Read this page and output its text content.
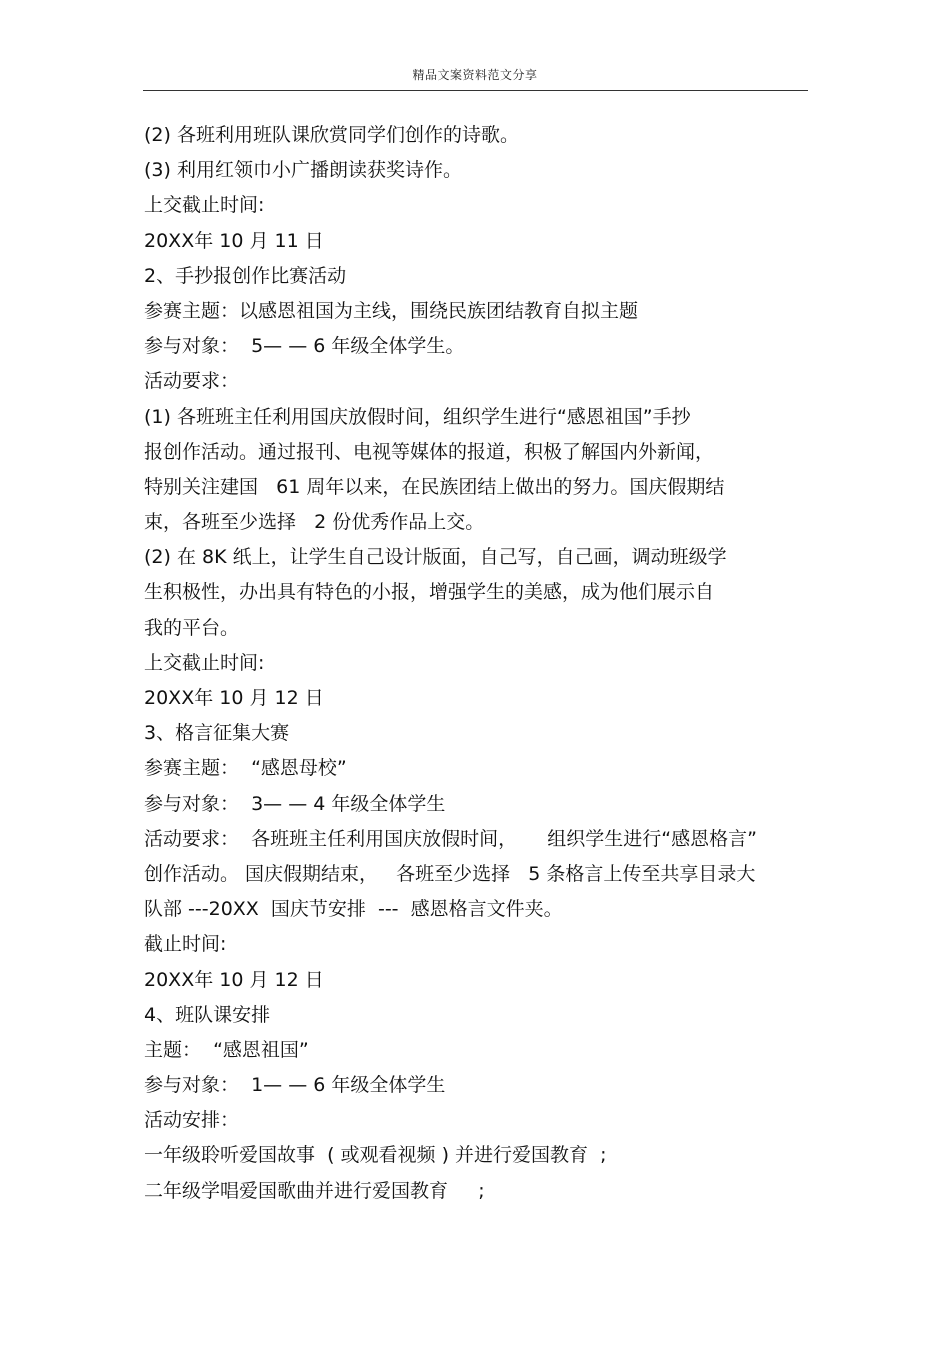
精品文案资料范文分享
(2) 各班利用班队课欣赏同学们创作的诗歌。
(3) 利用红领巾小广播朗读获奖诗作。
上交截止时间:
20XX年 10 月 11 日
2、手抄报创作比赛活动
参赛主题：以感恩祖国为主线，围绕民族团结教育自拟主题
参与对象：  5— — 6 年级全体学生。
活动要求：
(1) 各班班主任利用国庆放假时间，组织学生进行“感恩祖国”手抄
报创作活动。通过报刊、电视等媒体的报道，积极了解国内外新闻，
特别关注建国   61 周年以来，在民族团结上做出的努力。国庆假期结
束，各班至少选择   2 份优秀作品上交。
(2) 在 8K 纸上，让学生自己设计版面，自己写，自己画，调动班级学
生积极性，办出具有特色的小报，增强学生的美感，成为他们展示自
我的平台。
上交截止时间:
20XX年 10 月 12 日
3、格言征集大赛
参赛主题：  “感恩母校”
参与对象：  3— — 4 年级全体学生
活动要求：  各班班主任利用国庆放假时间，     组织学生进行“感恩格言”
创作活动。 国庆假期结束，   各班至少选择   5 条格言上传至共享目录大
队部 ---20XX  国庆节安排  ---  感恩格言文件夹。
截止时间:
20XX年 10 月 12 日
4、班队课安排
主题：  “感恩祖国”
参与对象：  1— — 6 年级全体学生
活动安排：
一年级聆听爱国故事  ( 或观看视频 ) 并进行爱国教育  ;
二年级学唱爱国歌曲并进行爱国教育     ;
